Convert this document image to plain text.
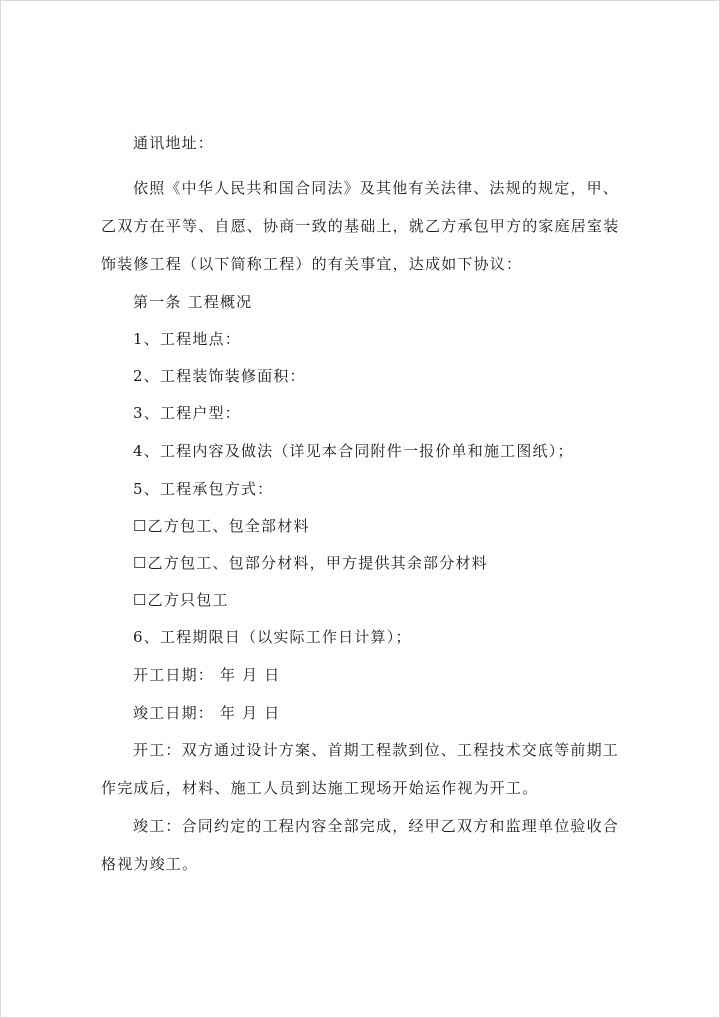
通讯地址：

依照《中华人民共和国合同法》及其他有关法律、法规的规定，甲、

乙双方在平等、自愿、协商一致的基础上，就乙方承包甲方的家庭居室装

饰装修工程（以下简称工程）的有关事宜，达成如下协议：

第一条 工程概况

1、工程地点：

2、工程装饰装修面积：

3、工程户型：

4、工程内容及做法（详见本合同附件一报价单和施工图纸）；

5、工程承包方式：

☐乙方包工、包全部材料

☐乙方包工、包部分材料，甲方提供其余部分材料

☐乙方只包工

6、工程期限日（以实际工作日计算）；

开工日期： 年 月 日

竣工日期： 年 月 日

开工：双方通过设计方案、首期工程款到位、工程技术交底等前期工

作完成后，材料、施工人员到达施工现场开始运作视为开工。

竣工：合同约定的工程内容全部完成，经甲乙双方和监理单位验收合

格视为竣工。
